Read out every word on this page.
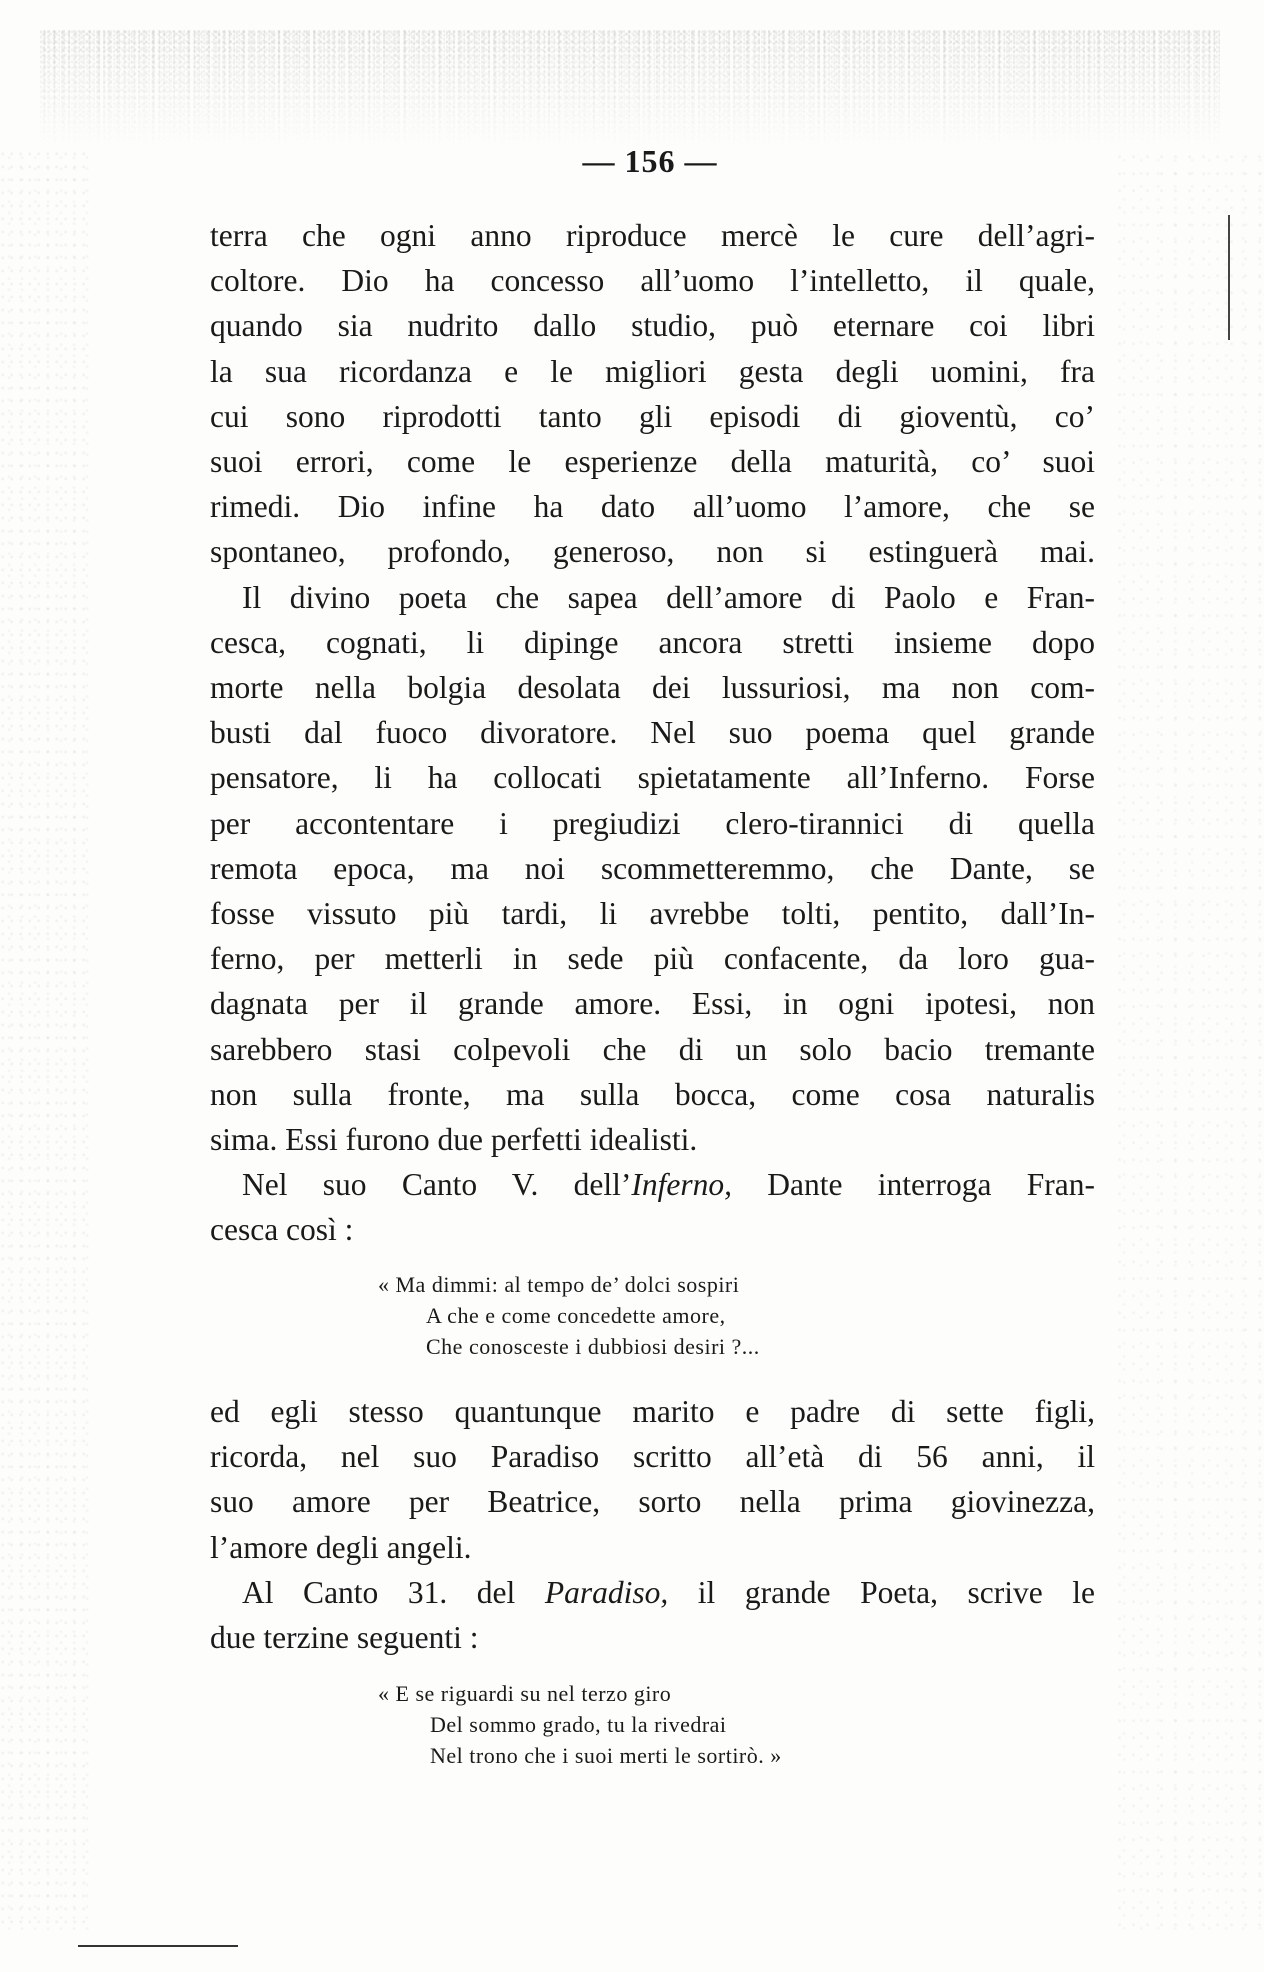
— 156 —

terra che ogni anno riproduce mercè le cure dell’agri-
coltore. Dio ha concesso all’uomo l’intelletto, il quale,
quando sia nudrito dallo studio, può eternare coi libri
la sua ricordanza e le migliori gesta degli uomini, fra
cui sono riprodotti tanto gli episodi di gioventù, co’
suoi errori, come le esperienze della maturità, co’ suoi
rimedi. Dio infine ha dato all’uomo l’amore, che se
spontaneo, profondo, generoso, non si estinguerà mai.

Il divino poeta che sapea dell’amore di Paolo e Fran-
cesca, cognati, li dipinge ancora stretti insieme dopo
morte nella bolgia desolata dei lussuriosi, ma non com-
busti dal fuoco divoratore. Nel suo poema quel grande
pensatore, li ha collocati spietatamente all’Inferno. Forse
per accontentare i pregiudizi clero-tirannici di quella
remota epoca, ma noi scommetteremmo, che Dante, se
fosse vissuto più tardi, li avrebbe tolti, pentito, dall’In-
ferno, per metterli in sede più confacente, da loro gua-
dagnata per il grande amore. Essi, in ogni ipotesi, non
sarebbero stasi colpevoli che di un solo bacio tremante
non sulla fronte, ma sulla bocca, come cosa naturalis
sima. Essi furono due perfetti idealisti.

Nel suo Canto V. dell’Inferno, Dante interroga Fran-
cesca così :

« Ma dimmi: al tempo de’ dolci sospiri
A che e come concedette amore,
Che conosceste i dubbiosi desiri ?...

ed egli stesso quantunque marito e padre di sette figli,
ricorda, nel suo Paradiso scritto all’età di 56 anni, il
suo amore per Beatrice, sorto nella prima giovinezza,
l’amore degli angeli.

Al Canto 31. del Paradiso, il grande Poeta, scrive le
due terzine seguenti :

« E se riguardi su nel terzo giro
Del sommo grado, tu la rivedrai
Nel trono che i suoi merti le sortirò. »
